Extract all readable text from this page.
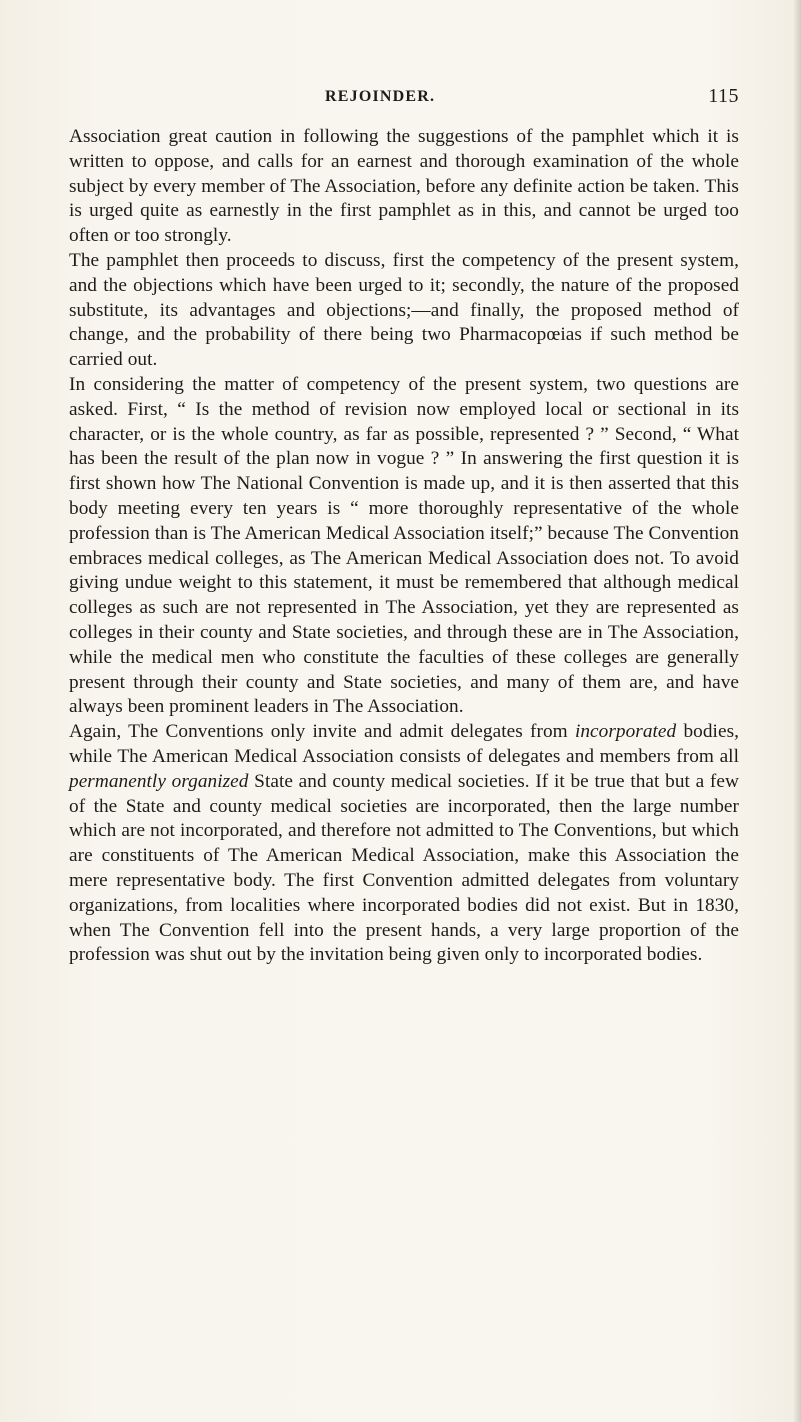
REJOINDER.	115

Association great caution in following the suggestions of the pamphlet which it is written to oppose, and calls for an earnest and thorough examination of the whole subject by every member of The Association, before any definite action be taken. This is urged quite as earnestly in the first pamphlet as in this, and cannot be urged too often or too strongly.

The pamphlet then proceeds to discuss, first the competency of the present system, and the objections which have been urged to it; secondly, the nature of the proposed substitute, its advantages and objections;—and finally, the proposed method of change, and the probability of there being two Pharmacopœias if such method be carried out.

In considering the matter of competency of the present system, two questions are asked. First, “ Is the method of revision now employed local or sectional in its character, or is the whole country, as far as possible, represented ? ” Second, “ What has been the result of the plan now in vogue ? ” In answering the first question it is first shown how The National Convention is made up, and it is then asserted that this body meeting every ten years is “ more thoroughly representative of the whole profession than is The American Medical Association itself;” because The Convention embraces medical colleges, as The American Medical Association does not. To avoid giving undue weight to this statement, it must be remembered that although medical colleges as such are not represented in The Association, yet they are represented as colleges in their county and State societies, and through these are in The Association, while the medical men who constitute the faculties of these colleges are generally present through their county and State societies, and many of them are, and have always been prominent leaders in The Association.

Again, The Conventions only invite and admit delegates from incorporated bodies, while The American Medical Association consists of delegates and members from all permanently organized State and county medical societies. If it be true that but a few of the State and county medical societies are incorporated, then the large number which are not incorporated, and therefore not admitted to The Conventions, but which are constituents of The American Medical Association, make this Association the mere representative body. The first Convention admitted delegates from voluntary organizations, from localities where incorporated bodies did not exist. But in 1830, when The Convention fell into the present hands, a very large proportion of the profession was shut out by the invitation being given only to incorporated bodies.
